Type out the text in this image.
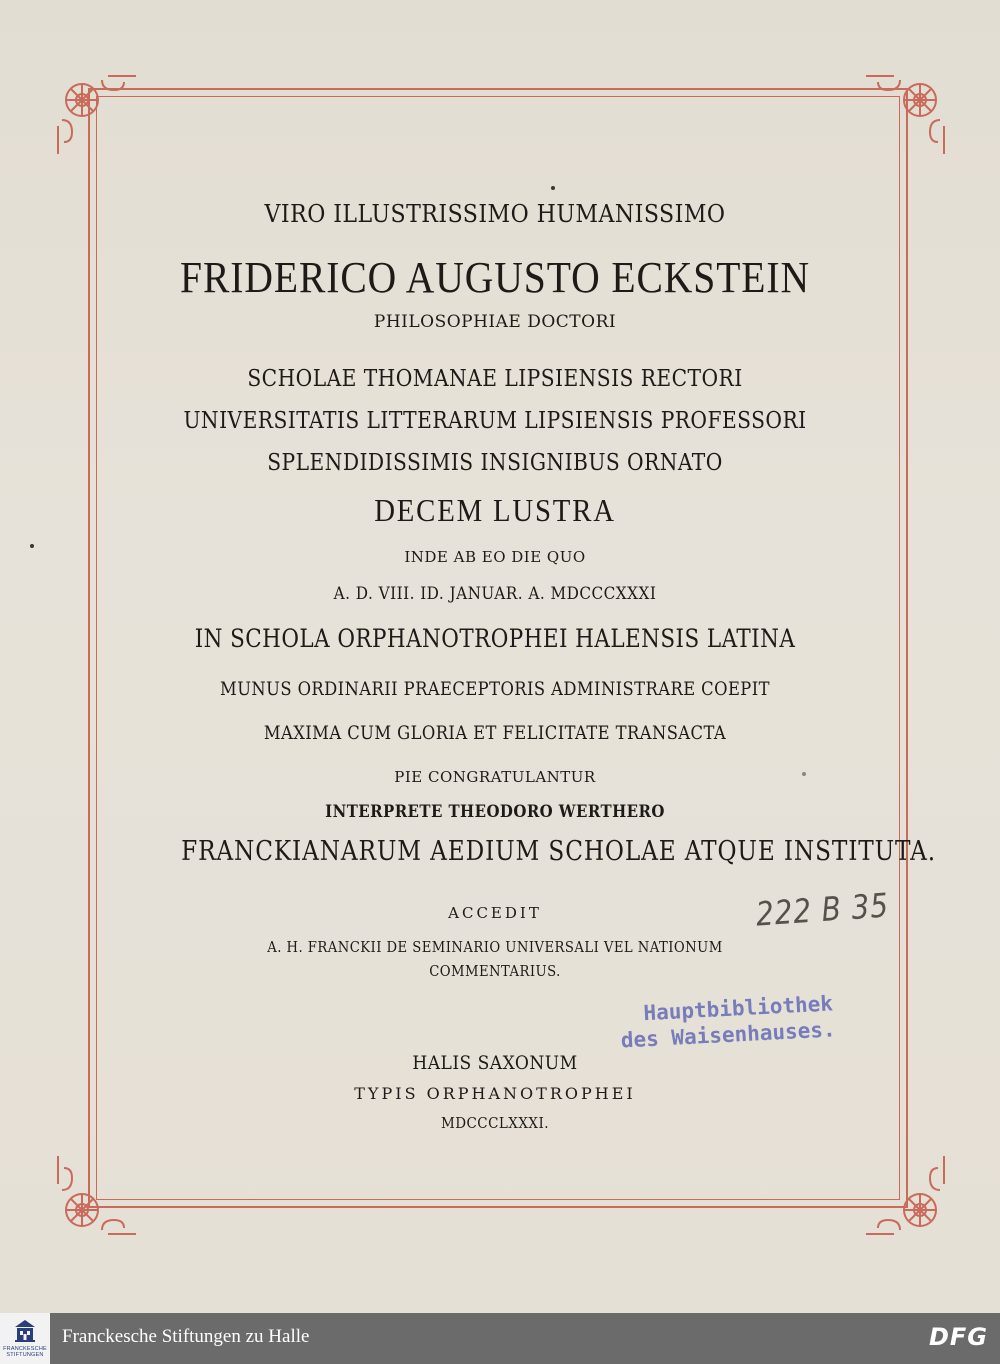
VIRO ILLUSTRISSIMO HUMANISSIMO
FRIDERICO AUGUSTO ECKSTEIN
PHILOSOPHIAE DOCTORI
SCHOLAE THOMANAE LIPSIENSIS RECTORI
UNIVERSITATIS LITTERARUM LIPSIENSIS PROFESSORI
SPLENDIDISSIMIS INSIGNIBUS ORNATO
DECEM LUSTRA
INDE AB EO DIE QUO
A. D. VIII. ID. JANUAR. A. MDCCCXXXI
IN SCHOLA ORPHANOTROPHEI HALENSIS LATINA
MUNUS ORDINARII PRAECEPTORIS ADMINISTRARE COEPIT
MAXIMA CUM GLORIA ET FELICITATE TRANSACTA
PIE CONGRATULANTUR
INTERPRETE THEODORO WERTHERO
FRANCKIANARUM AEDIUM SCHOLAE ATQUE INSTITUTA.
ACCEDIT
A. H. FRANCKII DE SEMINARIO UNIVERSALI VEL NATIONUM
COMMENTARIUS.
HALIS SAXONUM
TYPIS ORPHANOTROPHEI
MDCCCLXXXI.
222 B 35
Hauptbibliothek
des Waisenhauses.
FRANCKESCHE STIFTUNGEN
Franckesche Stiftungen zu Halle	DFG
